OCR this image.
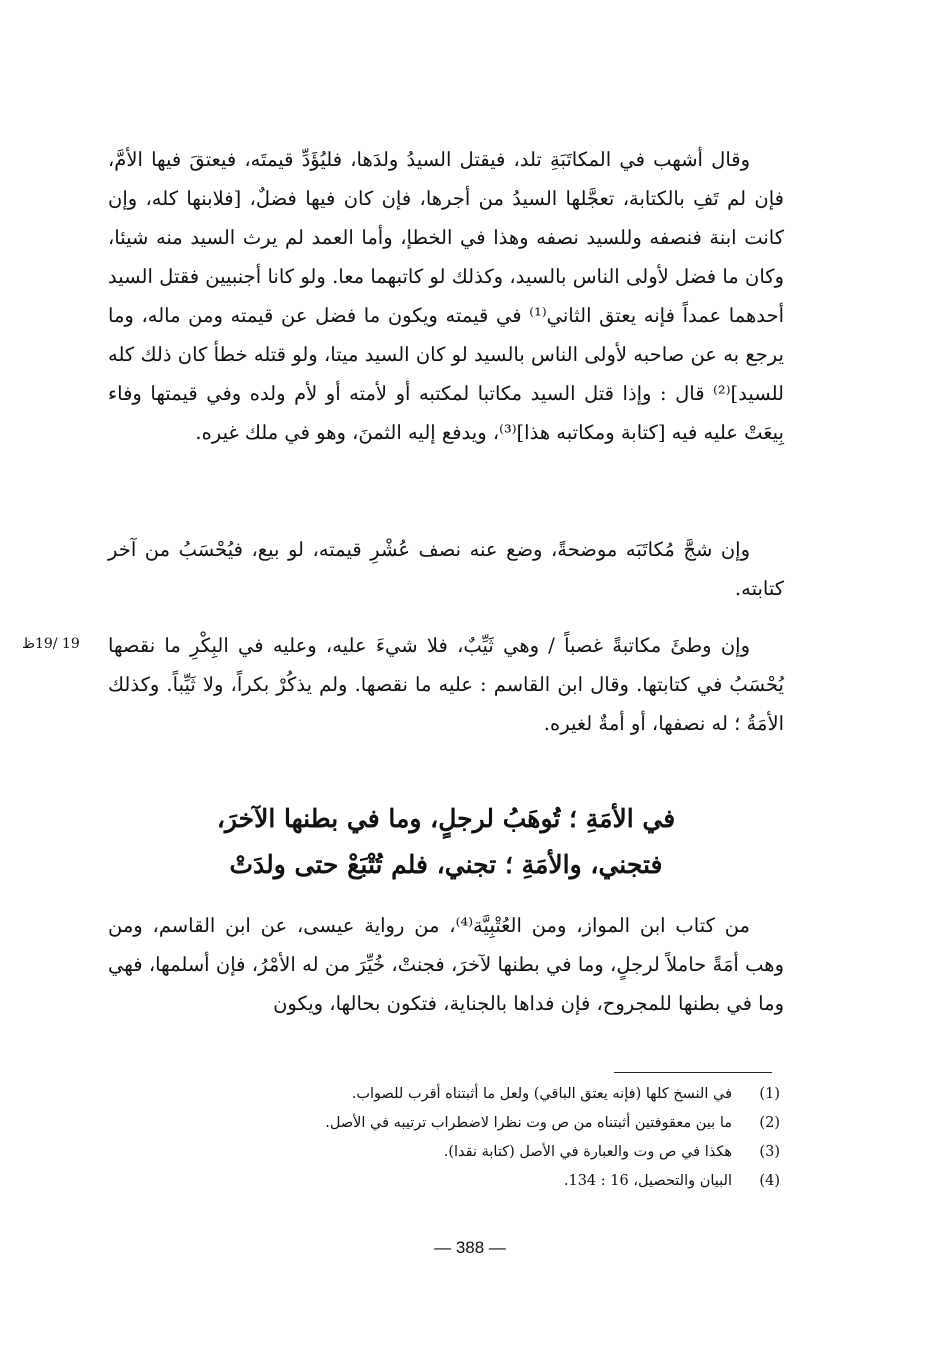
وقال أشهب في المكاتَبَةِ تلد، فيقتل السيدُ ولدَها، فليُؤَدِّ قيمتَه، فيعتقَ فيها الأمَّ، فإن لم تَفِ بالكتابة، تعجَّلها السيدُ من أجرها، فإن كان فيها فضلٌ، [فلابنها كله، وإن كانت ابنة فنصفه وللسيد نصفه وهذا في الخطإ، وأما العمد لم يرث السيد منه شيئا، وكان ما فضل لأولى الناس بالسيد، وكذلك لو كاتبهما معا. ولو كانا أجنبيين فقتل السيد أحدهما عمداً فإنه يعتق الثاني⁽¹⁾ في قيمته ويكون ما فضل عن قيمته ومن ماله، وما يرجع به عن صاحبه لأولى الناس بالسيد لو كان السيد ميتا، ولو قتله خطأ كان ذلك كله للسيد]⁽²⁾ قال : وإذا قتل السيد مكاتبا لمكتبه أو لأمته أو لأم ولده وفي قيمتها وفاء بِيعَتْ عليه فيه [كتابة ومكاتبه هذا]⁽³⁾، ويدفع إليه الثمنَ، وهو في ملك غيره.

وإن شجَّ مُكاتَبَه موضحةً، وضع عنه نصف عُشْرِ قيمته، لو بيع، فيُحْسَبُ من آخر كتابته.

19 /19ظ	وإن وطئَ مكاتبةً غصباً / وهي ثَيِّبٌ، فلا شيءَ عليه، وعليه في البِكْرِ ما نقصها يُحْسَبُ في كتابتها. وقال ابن القاسم : عليه ما نقصها. ولم يذكُرْ بكراً، ولا ثَيِّباً. وكذلك الأمَةُ ؛ له نصفها، أو أمةٌ لغيره.

في الأمَةِ ؛ تُوهَبُ لرجلٍ، وما في بطنها الآخرَ،
فتجني، والأمَةِ ؛ تجني، فلم تُتْبَعْ حتى ولدَتْ

من كتاب ابن المواز، ومن العُتْبِيَّة⁽⁴⁾، من رواية عيسى، عن ابن القاسم، ومن وهب أمَةً حاملاً لرجلٍ، وما في بطنها لآخرَ، فجنتْ، خُيِّرَ من له الأمْرُ، فإن أسلمها، فهي وما في بطنها للمجروح، فإن فداها بالجناية، فتكون بحالها، ويكون

(1)
في النسخ كلها (فإنه يعتق الباقي) ولعل ما أثبتناه أقرب للصواب.
(2)
ما بين معقوفتين أثبتناه من ص وت نظرا لاضطراب ترتيبه في الأصل.
(3)
هكذا في ص وت والعبارة في الأصل (كتابة نقدا).
(4)
البيان والتحصيل، 16 : 134.
— 388 —
